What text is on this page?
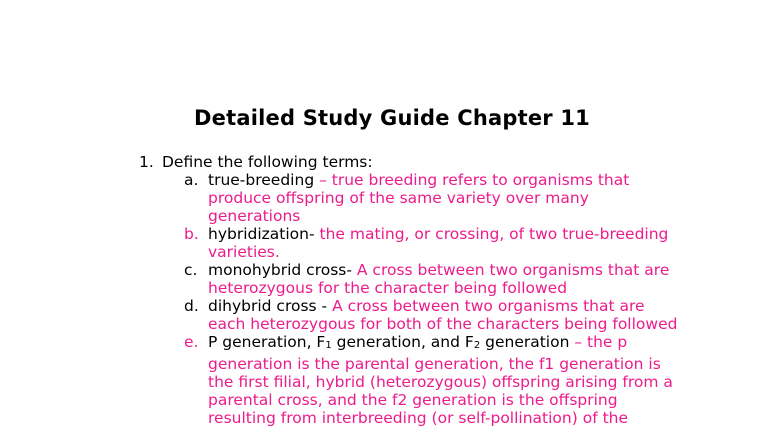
Detailed Study Guide Chapter 11
1. Define the following terms:
a. true-breeding – true breeding refers to organisms that produce offspring of the same variety over many generations
b. hybridization- the mating, or crossing, of two true-breeding varieties.
c. monohybrid cross- A cross between two organisms that are heterozygous for the character being followed
d. dihybrid cross - A cross between two organisms that are each heterozygous for both of the characters being followed
e. P generation, F1 generation, and F2 generation – the p generation is the parental generation, the f1 generation is the first filial, hybrid (heterozygous) offspring arising from a parental cross, and the f2 generation is the offspring resulting from interbreeding (or self-pollination) of the
